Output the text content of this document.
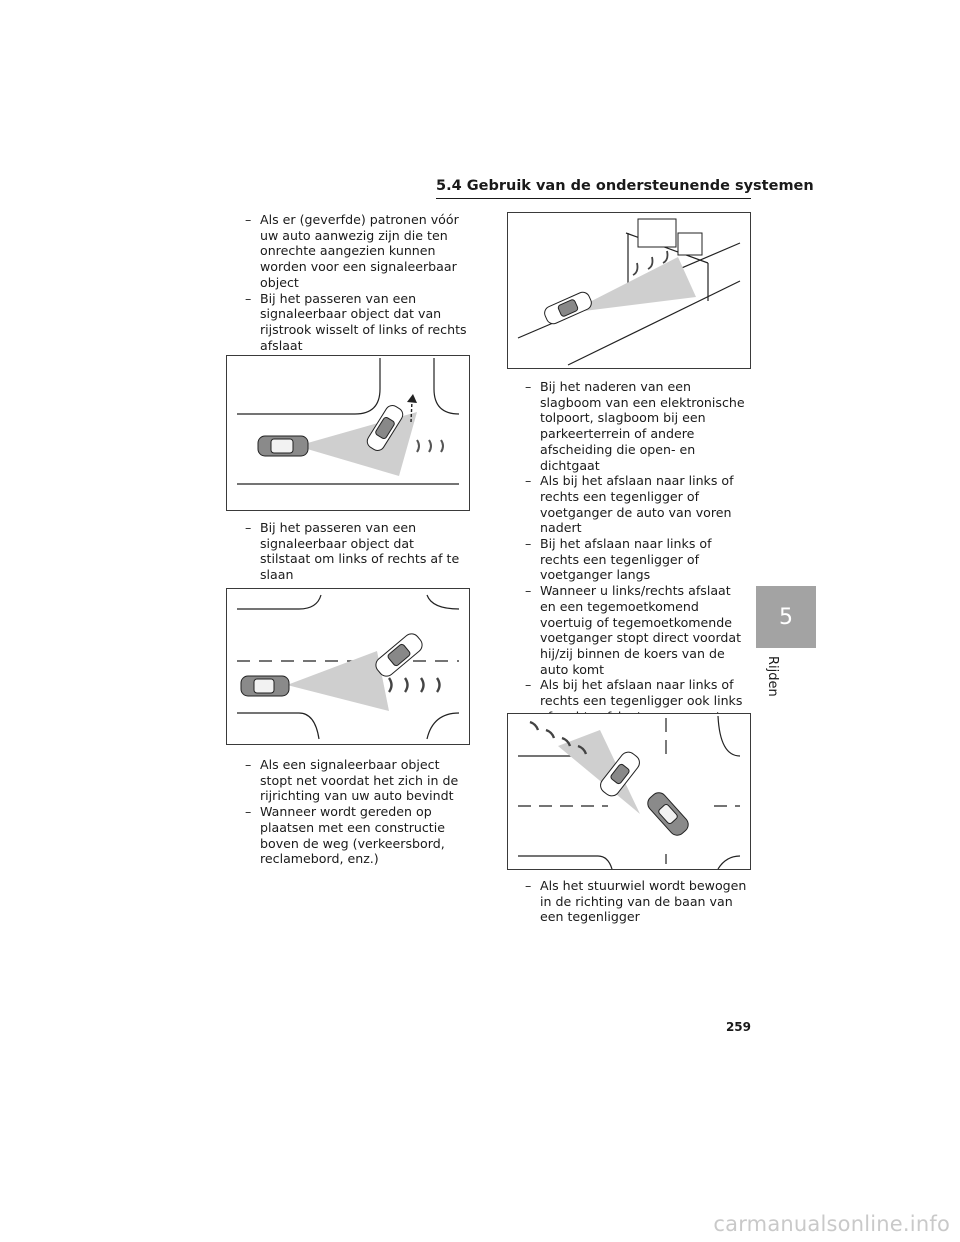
5.4 Gebruik van de ondersteunende systemen
– Als er (geverfde) patronen vóór uw auto aanwezig zijn die ten onrechte aangezien kunnen worden voor een signaleerbaar object
– Bij het passeren van een signaleerbaar object dat van rijstrook wisselt of links of rechts afslaat
– Bij het passeren van een signaleerbaar object dat stilstaat om links of rechts af te slaan
– Als een signaleerbaar object stopt net voordat het zich in de rijrichting van uw auto bevindt
– Wanneer wordt gereden op plaatsen met een constructie boven de weg (verkeersbord, reclamebord, enz.)
– Bij het naderen van een slagboom van een elektronische tolpoort, slagboom bij een parkeerterrein of andere afscheiding die open- en dichtgaat
– Als bij het afslaan naar links of rechts een tegenligger of voetganger de auto van voren nadert
– Bij het afslaan naar links of rechts een tegenligger of voetganger langs
– Wanneer u links/rechts afslaat en een tegemoetkomend voertuig of tegemoetkomende voetganger stopt direct voordat hij/zij binnen de koers van de auto komt
– Als bij het afslaan naar links of rechts een tegenligger ook links
– Als het stuurwiel wordt bewogen in de richting van de baan van een tegenligger
5
Rijden
259
carmanualsonline.info
